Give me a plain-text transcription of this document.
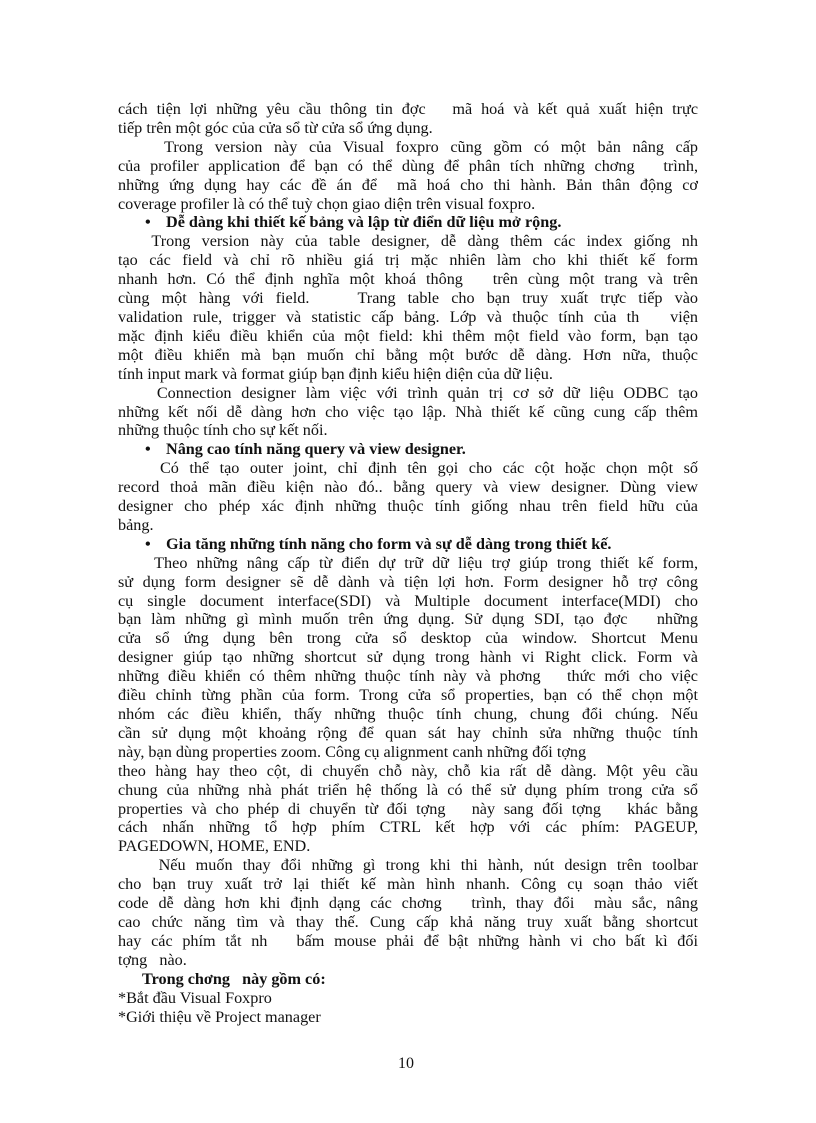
cách tiện lợi những yêu cầu thông tin đợc   mã hoá và kết quả xuất hiện trực
tiếp trên một góc của cửa sổ từ cửa sổ ứng dụng.
Trong version này của Visual foxpro cũng gồm có một bản nâng cấp
của profiler application để bạn có thể dùng để phân tích những chơng   trình,
những ứng dụng hay các đề án để  mã hoá cho thi hành. Bản thân động cơ
coverage profiler là có thể tuỳ chọn giao diện trên visual foxpro.
• Dễ dàng khi thiết kế bảng và lập từ điển dữ liệu mở rộng.
Trong version này của table designer, dễ dàng thêm các index giống nh
tạo các field và chỉ rõ nhiều giá trị mặc nhiên làm cho khi thiết kế form
nhanh hơn. Có thể định nghĩa một khoá thông   trên cùng một trang và trên
cùng một hàng với field.    Trang table cho bạn truy xuất trực tiếp vào
validation rule, trigger và statistic cấp bảng. Lớp và thuộc tính của th   viện
mặc định kiểu điều khiển của một field: khi thêm một field vào form, bạn tạo
một điều khiển mà bạn muốn chỉ bằng một bước dễ dàng. Hơn nữa, thuộc
tính input mark và format giúp bạn định kiểu hiện diện của dữ liệu.
Connection designer làm việc với trình quản trị cơ sở dữ liệu ODBC tạo
những kết nối dễ dàng hơn cho việc tạo lập. Nhà thiết kế cũng cung cấp thêm
những thuộc tính cho sự kết nối.
• Nâng cao tính năng query và view designer.
Có thể tạo outer joint, chỉ định tên gọi cho các cột hoặc chọn một số
record thoả mãn điều kiện nào đó.. bằng query và view designer. Dùng view
designer cho phép xác định những thuộc tính giống nhau trên field hữu của
bảng.
• Gia tăng những tính năng cho form và sự dễ dàng trong thiết kế.
Theo những nâng cấp từ điển dự trữ dữ liệu trợ giúp trong thiết kế form,
sử dụng form designer sẽ dễ dành và tiện lợi hơn. Form designer hỗ trợ công
cụ single document interface(SDI) và Multiple document interface(MDI) cho
bạn làm những gì mình muốn trên ứng dụng. Sử dụng SDI, tạo đợc   những
cửa sổ ứng dụng bên trong cửa sổ desktop của window. Shortcut Menu
designer giúp tạo những shortcut sử dụng trong hành vi Right click. Form và
những điều khiển có thêm những thuộc tính này và phơng   thức mới cho việc
điều chỉnh từng phần của form. Trong cửa sổ properties, bạn có thể chọn một
nhóm các điều khiển, thấy những thuộc tính chung, chung đổi chúng. Nếu
cần sử dụng một khoảng rộng để quan sát hay chỉnh sửa những thuộc tính
này, bạn dùng properties zoom. Công cụ alignment canh những đối tợng
theo hàng hay theo cột, di chuyển chỗ này, chỗ kia rất dễ dàng. Một yêu cầu
chung của những nhà phát triển hệ thống là có thể sử dụng phím trong cửa sổ
properties và cho phép di chuyển từ đối tợng   này sang đối tợng   khác bằng
cách nhấn những tổ hợp phím CTRL kết hợp với các phím: PAGEUP,
PAGEDOWN, HOME, END.
Nếu muốn thay đổi những gì trong khi thi hành, nút design trên toolbar
cho bạn truy xuất trở lại thiết kế màn hình nhanh. Công cụ soạn thảo viết
code dễ dàng hơn khi định dạng các chơng   trình, thay đổi  màu sắc, nâng
cao chức năng tìm và thay thế. Cung cấp khả năng truy xuất bằng shortcut
hay các phím tắt nh   bấm mouse phải để bật những hành vi cho bất kì đối
tợng   nào.
Trong chơng   này gồm có:
*Bắt đầu Visual Foxpro
*Giới thiệu về Project manager
10
